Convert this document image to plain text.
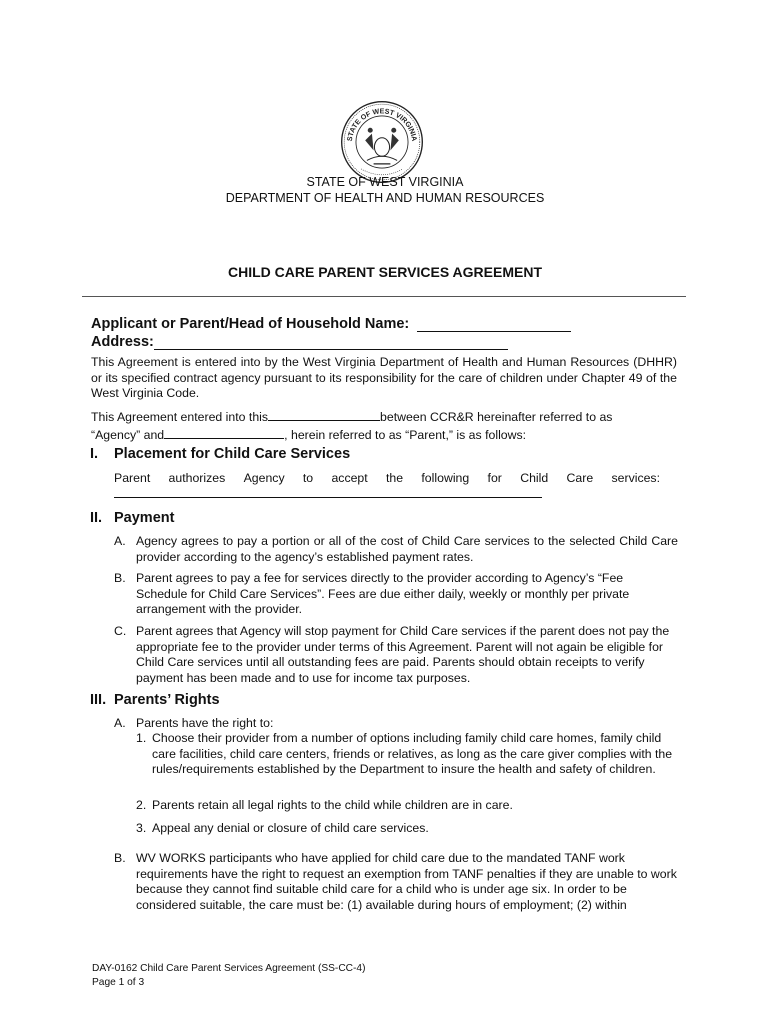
STATE OF WEST VIRGINIA
STATE OF WEST VIRGINIA
DEPARTMENT OF HEALTH AND HUMAN RESOURCES
CHILD CARE PARENT SERVICES AGREEMENT
Applicant or Parent/Head of Household Name:
Address:
This Agreement is entered into by the West Virginia Department of Health and Human Resources (DHHR) or its specified contract agency pursuant to its responsibility for the care of children under Chapter 49 of the West Virginia Code.
This Agreement entered into this	between CCR&R hereinafter referred to as
“Agency” and	, herein referred to as “Parent,” is as follows:
I. Placement for Child Care Services
Parent authorizes Agency to accept the following for Child Care services:
II. Payment
A. Agency agrees to pay a portion or all of the cost of Child Care services to the selected Child Care provider according to the agency’s established payment rates.
B. Parent agrees to pay a fee for services directly to the provider according to Agency’s “Fee Schedule for Child Care Services”. Fees are due either daily, weekly or monthly per private arrangement with the provider.
C. Parent agrees that Agency will stop payment for Child Care services if the parent does not pay the appropriate fee to the provider under terms of this Agreement. Parent will not again be eligible for Child Care services until all outstanding fees are paid. Parents should obtain receipts to verify payment has been made and to use for income tax purposes.
III. Parents’ Rights
A. Parents have the right to:
1. Choose their provider from a number of options including family child care homes, family child care facilities, child care centers, friends or relatives, as long as the care giver complies with the rules/requirements established by the Department to insure the health and safety of children.
2. Parents retain all legal rights to the child while children are in care.
3. Appeal any denial or closure of child care services.
B. WV WORKS participants who have applied for child care due to the mandated TANF work requirements have the right to request an exemption from TANF penalties if they are unable to work because they cannot find suitable child care for a child who is under age six. In order to be considered suitable, the care must be: (1) available during hours of employment; (2) within
DAY-0162 Child Care Parent Services Agreement (SS-CC-4)
Page 1 of 3
